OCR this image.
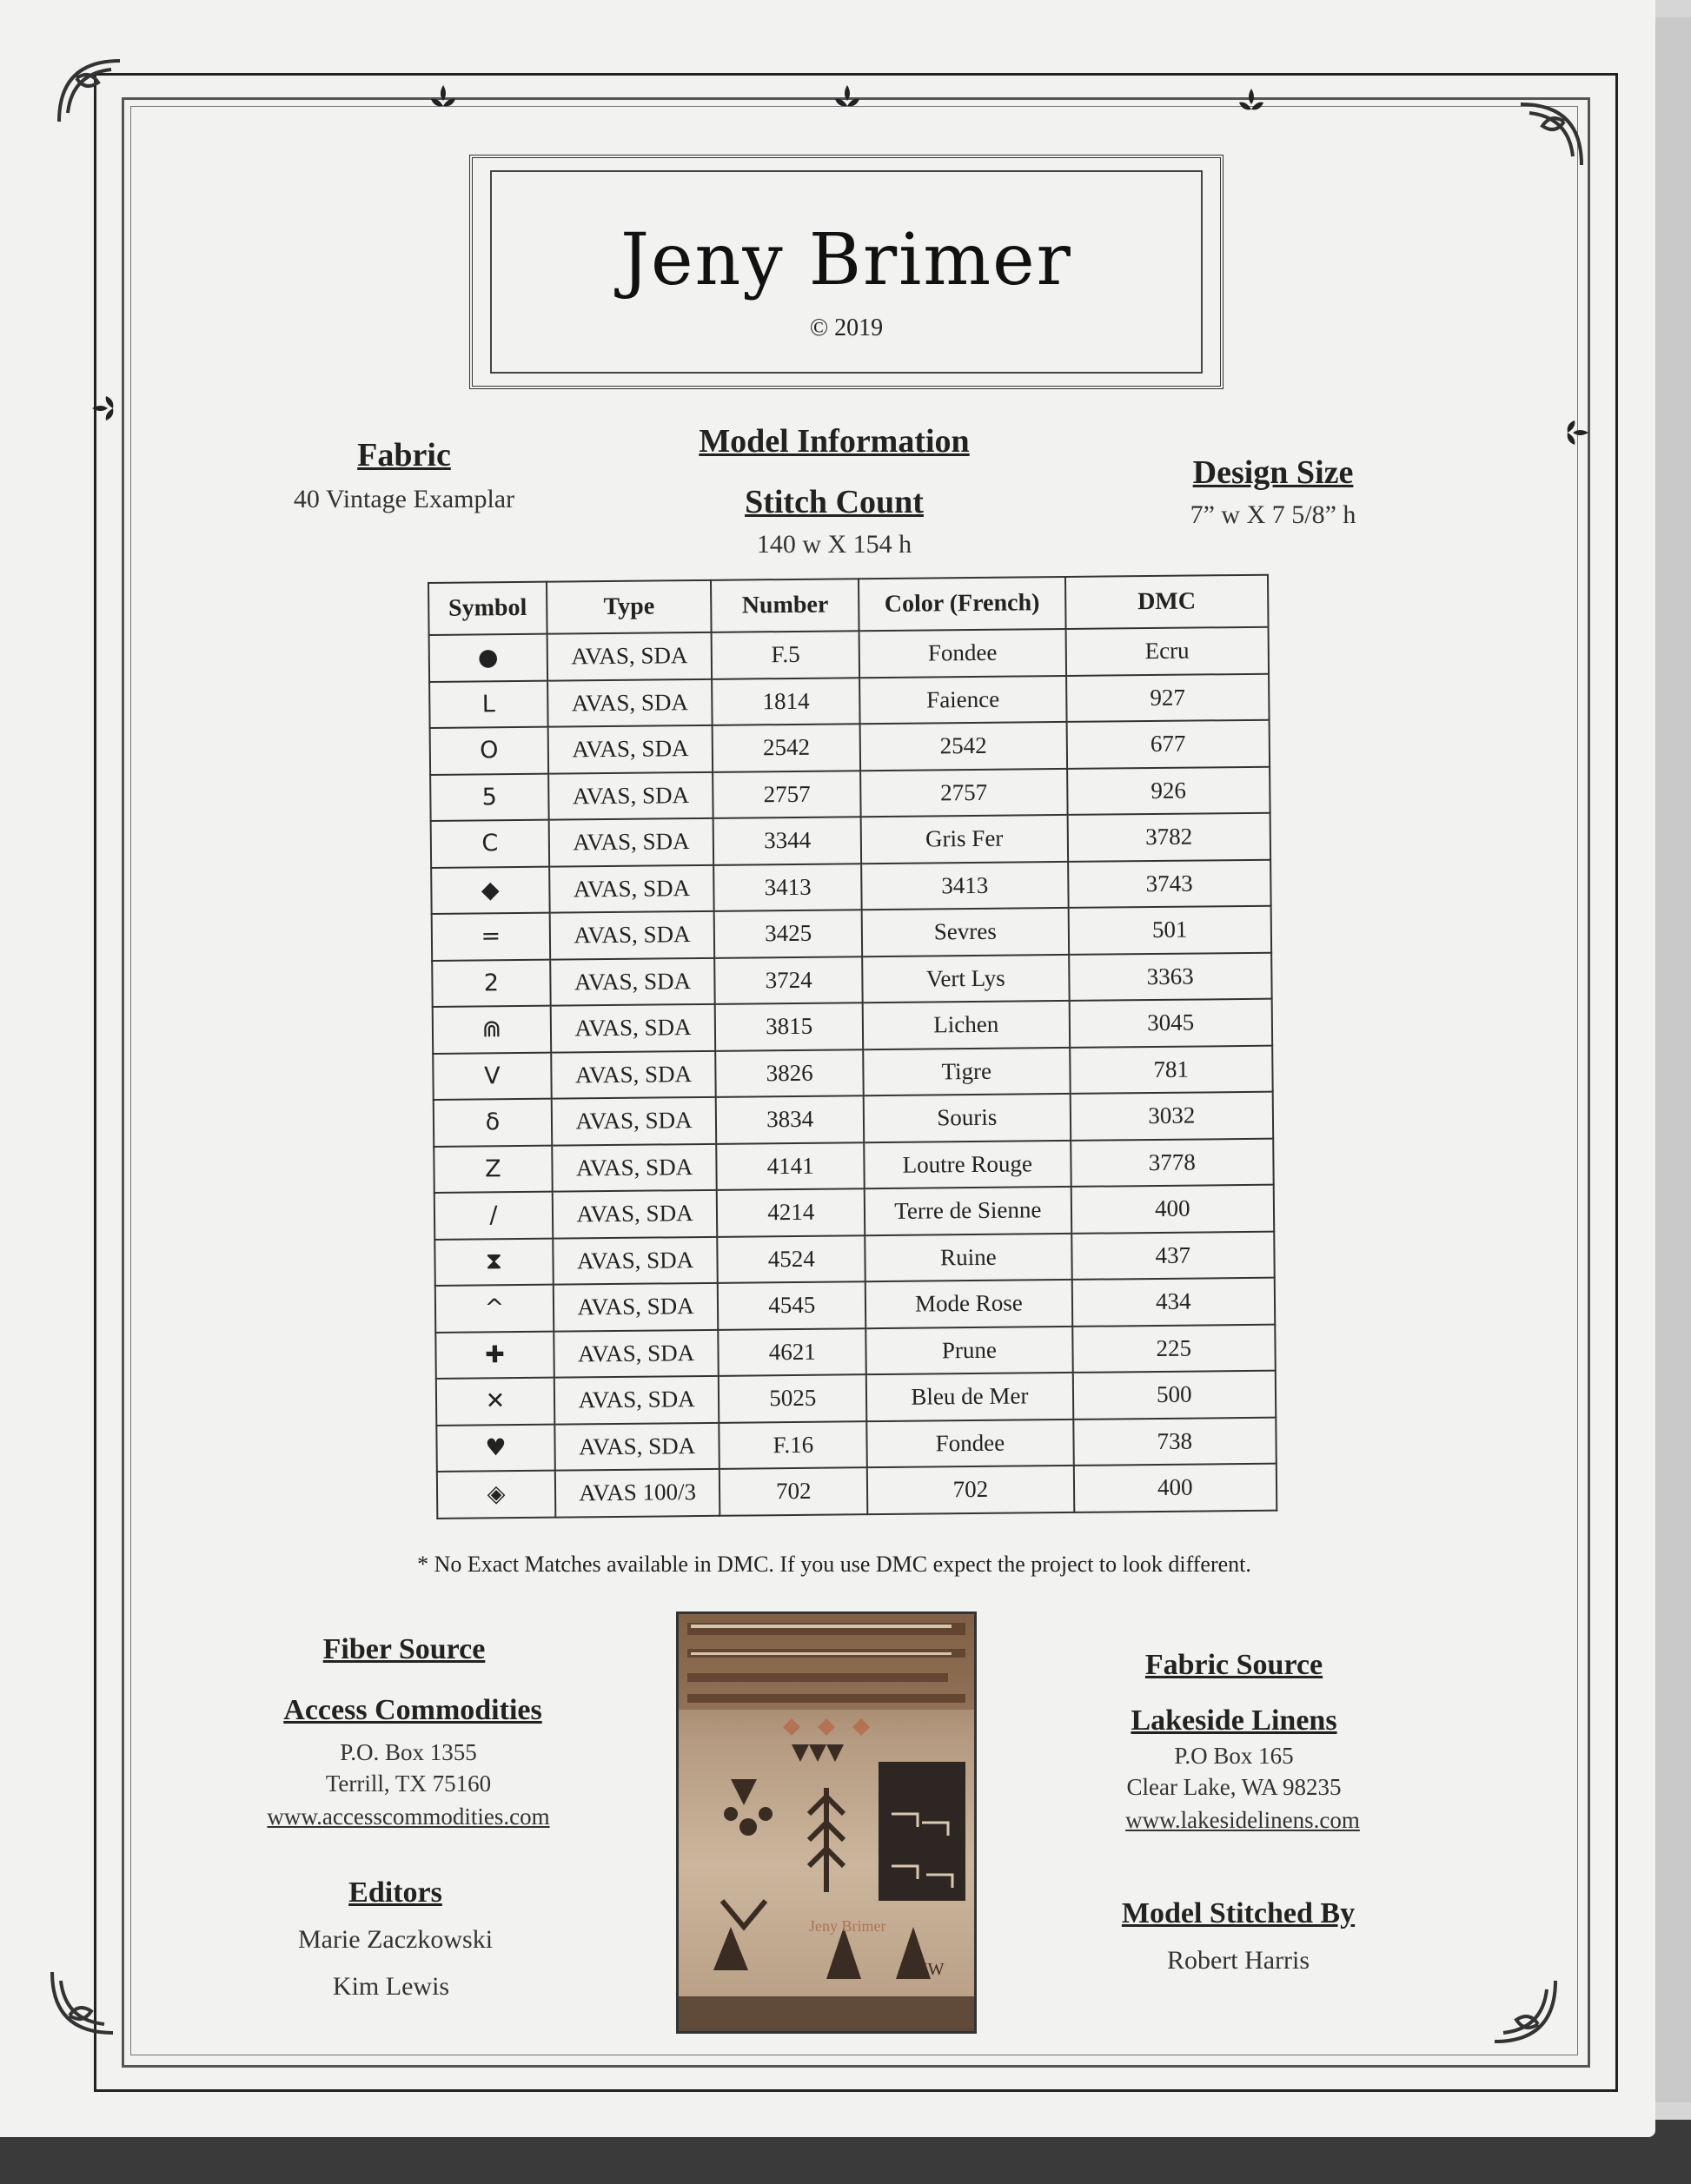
Jeny Brimer
© 2019
Fabric
40 Vintage Examplar
Model Information
Stitch Count
140 w X 154 h
Design Size
7” w X 7 5/8” h
Symbol	Type	Number	Color (French)	DMC
●	AVAS, SDA	F.5	Fondee	Ecru
L	AVAS, SDA	1814	Faience	927
O	AVAS, SDA	2542	2542	677
5	AVAS, SDA	2757	2757	926
C	AVAS, SDA	3344	Gris Fer	3782
◆	AVAS, SDA	3413	3413	3743
=	AVAS, SDA	3425	Sevres	501
2	AVAS, SDA	3724	Vert Lys	3363
⋒	AVAS, SDA	3815	Lichen	3045
V	AVAS, SDA	3826	Tigre	781
δ	AVAS, SDA	3834	Souris	3032
Z	AVAS, SDA	4141	Loutre Rouge	3778
/	AVAS, SDA	4214	Terre de Sienne	400
⧗	AVAS, SDA	4524	Ruine	437
^	AVAS, SDA	4545	Mode Rose	434
✚	AVAS, SDA	4621	Prune	225
✕	AVAS, SDA	5025	Bleu de Mer	500
♥	AVAS, SDA	F.16	Fondee	738
◈	AVAS 100/3	702	702	400
* No Exact Matches available in DMC. If you use DMC expect the project to look different.
Fiber Source
Access Commodities
P.O. Box 1355
Terrill, TX 75160
www.accesscommodities.com
Editors
Marie Zaczkowski
Kim Lewis
Jeny Brimer
IW
Fabric Source
Lakeside Linens
P.O Box 165
Clear Lake, WA 98235
www.lakesidelinens.com
Model Stitched By
Robert Harris
